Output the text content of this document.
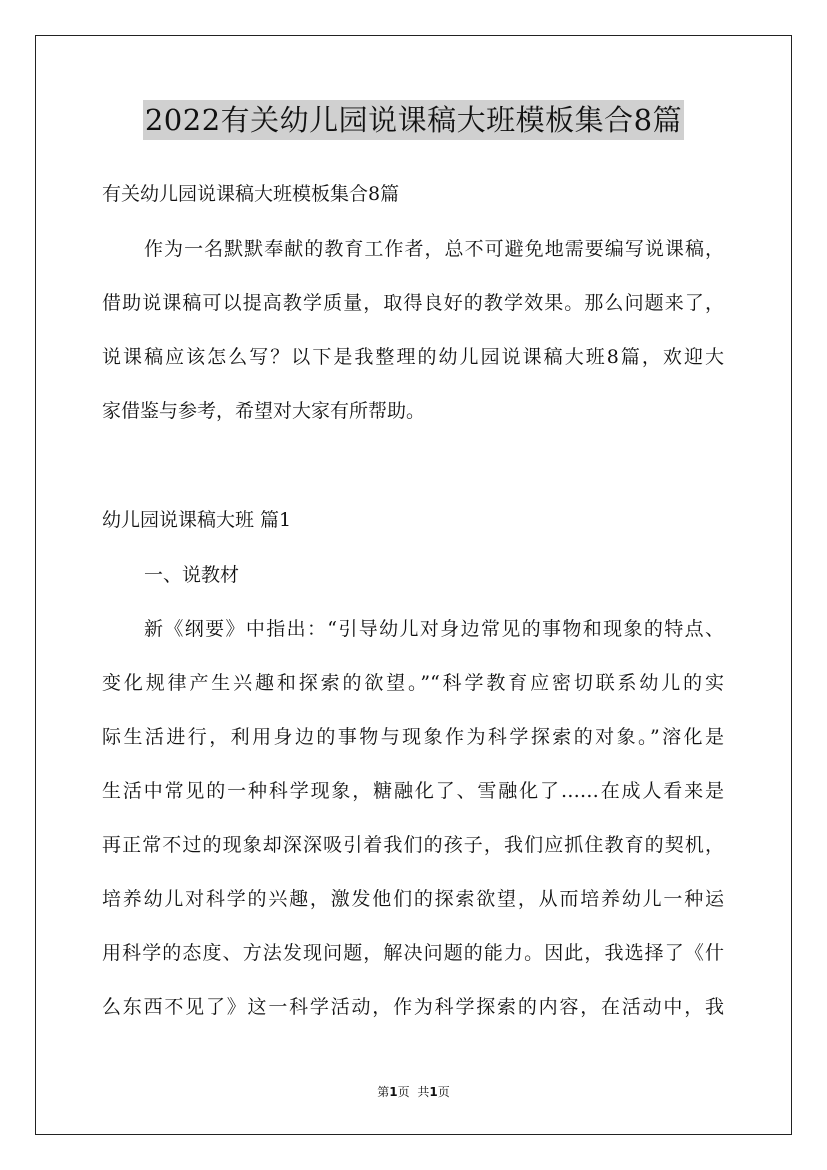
2022有关幼儿园说课稿大班模板集合8篇
有关幼儿园说课稿大班模板集合8篇
作为一名默默奉献的教育工作者，总不可避免地需要编写说课稿，
借助说课稿可以提高教学质量，取得良好的教学效果。那么问题来了，
说课稿应该怎么写？以下是我整理的幼儿园说课稿大班8篇，欢迎大
家借鉴与参考，希望对大家有所帮助。
幼儿园说课稿大班 篇1
一、说教材
新《纲要》中指出：“引导幼儿对身边常见的事物和现象的特点、
变化规律产生兴趣和探索的欲望。”“科学教育应密切联系幼儿的实
际生活进行，利用身边的事物与现象作为科学探索的对象。”溶化是
生活中常见的一种科学现象，糖融化了、雪融化了……在成人看来是
再正常不过的现象却深深吸引着我们的孩子，我们应抓住教育的契机，
培养幼儿对科学的兴趣，激发他们的探索欲望，从而培养幼儿一种运
用科学的态度、方法发现问题，解决问题的能力。因此，我选择了《什
么东西不见了》这一科学活动，作为科学探索的内容，在活动中，我
第1页 共1页
